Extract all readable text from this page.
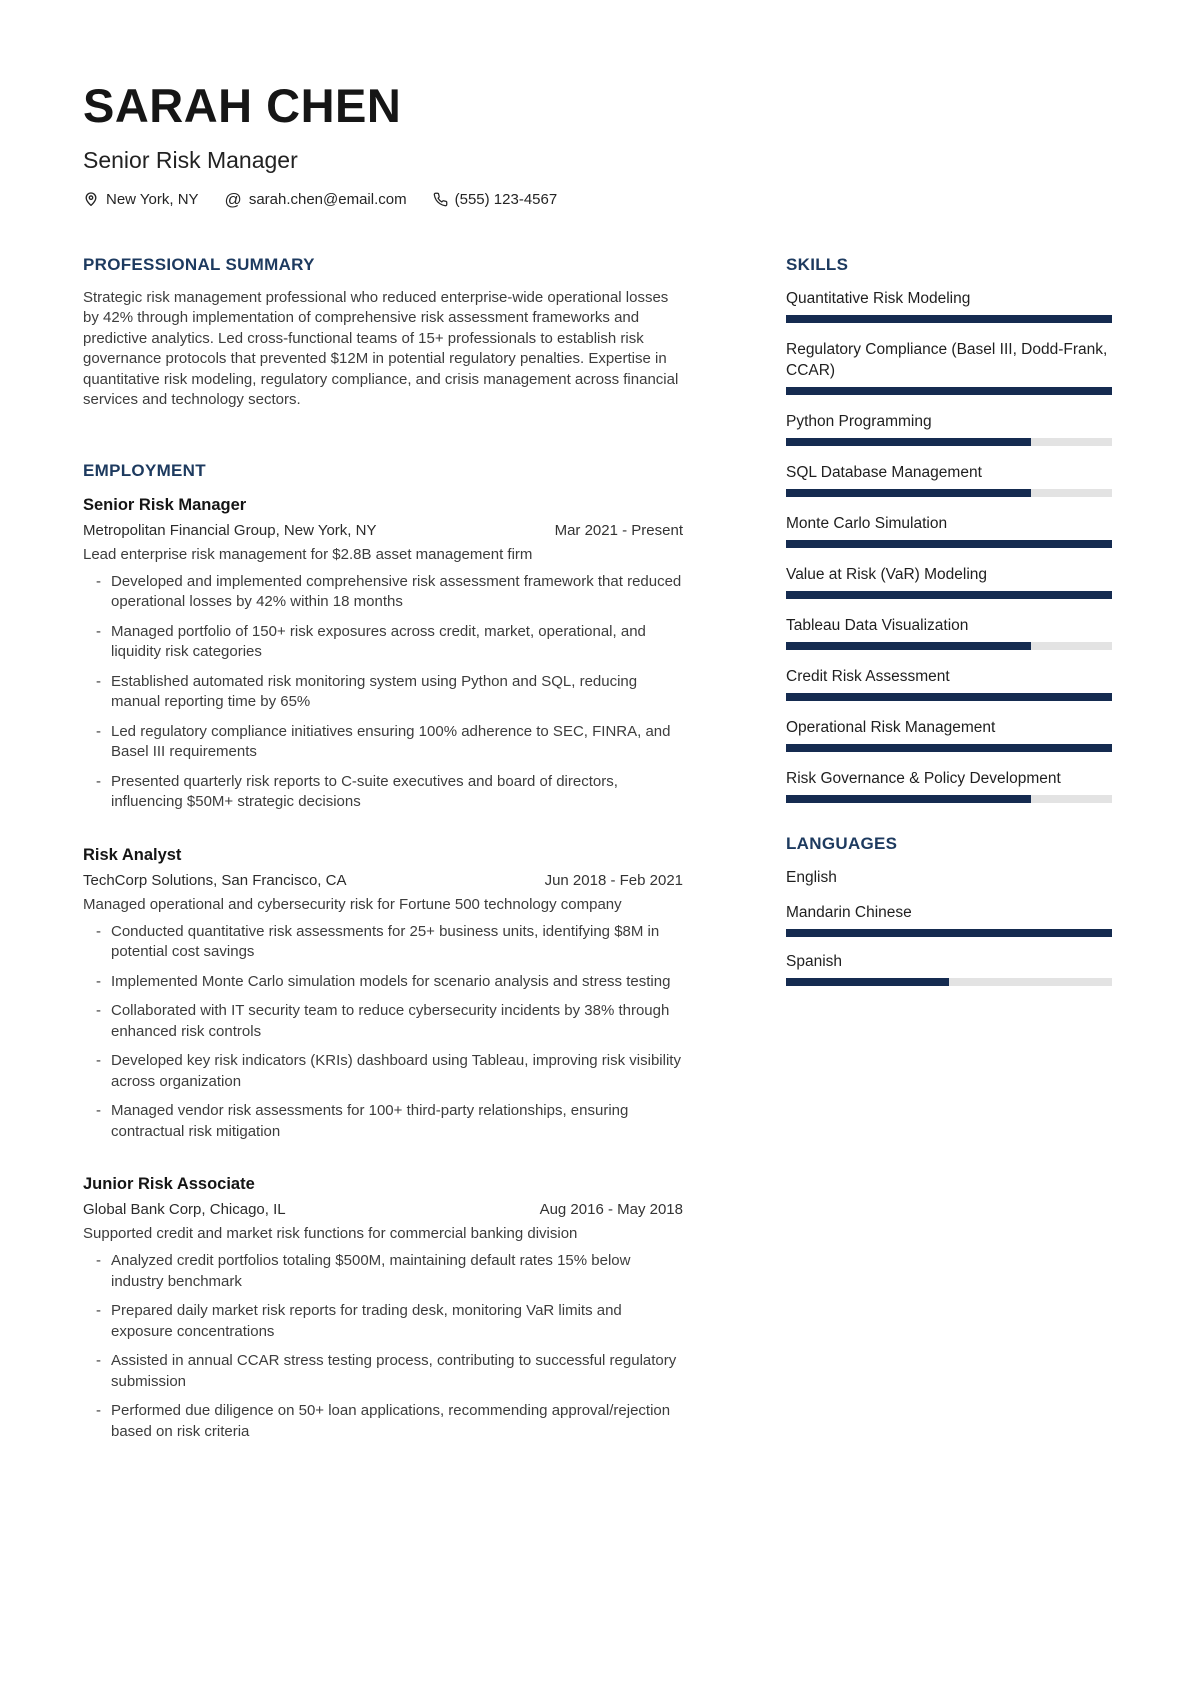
SARAH CHEN
Senior Risk Manager
New York, NY @ sarah.chen@email.com	(555) 123-4567
PROFESSIONAL SUMMARY

Strategic risk management professional who reduced enterprise-wide operational losses by 42% through implementation of comprehensive risk assessment frameworks and predictive analytics. Led cross-functional teams of 15+ professionals to establish risk governance protocols that prevented $12M in potential regulatory penalties. Expertise in quantitative risk modeling, regulatory compliance, and crisis management across financial services and technology sectors.

EMPLOYMENT
Senior Risk Manager
Metropolitan Financial Group, New York, NY	Mar 2021 - Present
Lead enterprise risk management for $2.8B asset management firm
- Developed and implemented comprehensive risk assessment framework that reduced operational losses by 42% within 18 months
- Managed portfolio of 150+ risk exposures across credit, market, operational, and liquidity risk categories
- Established automated risk monitoring system using Python and SQL, reducing manual reporting time by 65%
- Led regulatory compliance initiatives ensuring 100% adherence to SEC, FINRA, and Basel III requirements
- Presented quarterly risk reports to C-suite executives and board of directors, influencing $50M+ strategic decisions
Risk Analyst
TechCorp Solutions, San Francisco, CA	Jun 2018 - Feb 2021
Managed operational and cybersecurity risk for Fortune 500 technology company
- Conducted quantitative risk assessments for 25+ business units, identifying $8M in potential cost savings
- Implemented Monte Carlo simulation models for scenario analysis and stress testing
- Collaborated with IT security team to reduce cybersecurity incidents by 38% through enhanced risk controls
- Developed key risk indicators (KRIs) dashboard using Tableau, improving risk visibility across organization
- Managed vendor risk assessments for 100+ third-party relationships, ensuring contractual risk mitigation
Junior Risk Associate
Global Bank Corp, Chicago, IL	Aug 2016 - May 2018
Supported credit and market risk functions for commercial banking division
- Analyzed credit portfolios totaling $500M, maintaining default rates 15% below industry benchmark
- Prepared daily market risk reports for trading desk, monitoring VaR limits and exposure concentrations
- Assisted in annual CCAR stress testing process, contributing to successful regulatory submission
- Performed due diligence on 50+ loan applications, recommending approval/rejection based on risk criteria
SKILLS
Quantitative Risk Modeling
Regulatory Compliance (Basel III, Dodd-Frank, CCAR)
Python Programming
SQL Database Management
Monte Carlo Simulation
Value at Risk (VaR) Modeling
Tableau Data Visualization
Credit Risk Assessment
Operational Risk Management
Risk Governance & Policy Development
LANGUAGES
English
Mandarin Chinese
Spanish
